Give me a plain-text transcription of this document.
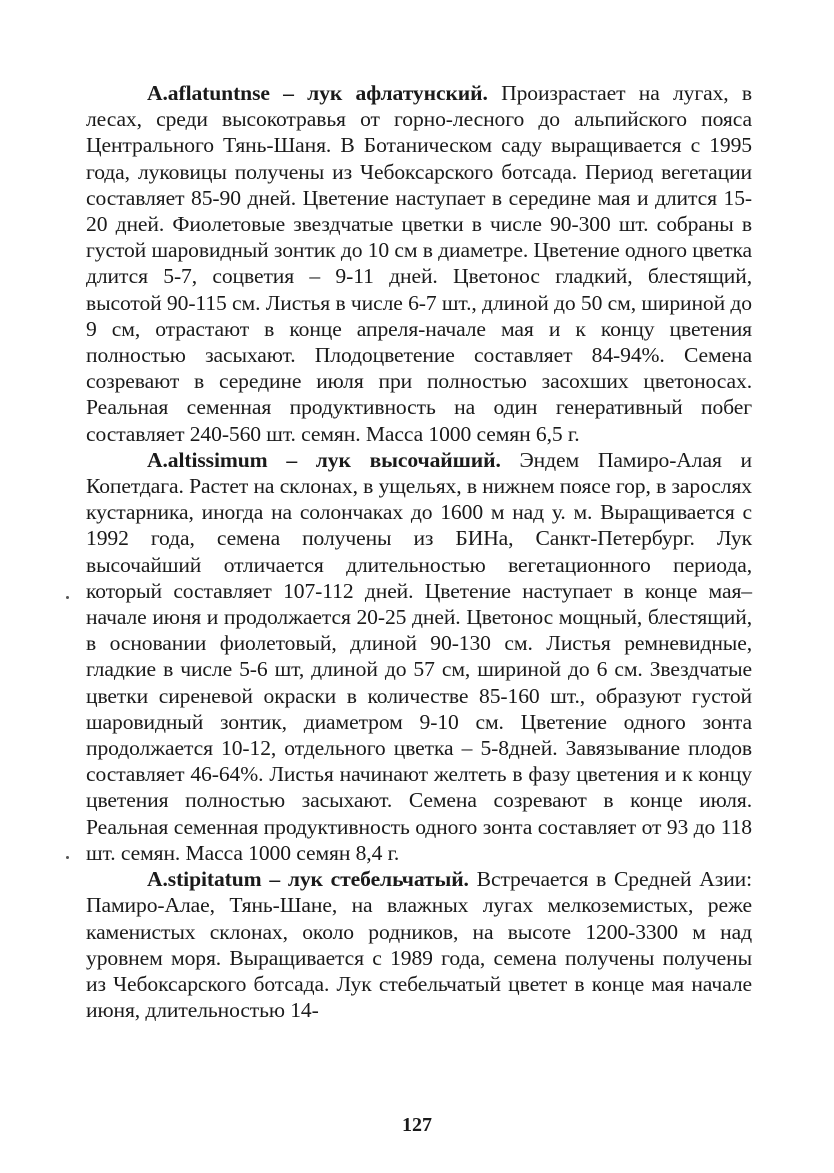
A.aflatuntnse – лук афлатунский. Произрастает на лугах, в лесах, среди высокотравья от горно-лесного до альпийского пояса Центрального Тянь-Шаня. В Ботаническом саду выращивается с 1995 года, луковицы получены из Чебоксарского ботсада. Период вегетации составляет 85-90 дней. Цветение наступает в середине мая и длится 15-20 дней. Фиолетовые звездчатые цветки в числе 90-300 шт. собраны в густой шаровидный зонтик до 10 см в диаметре. Цветение одного цветка длится 5-7, соцветия – 9-11 дней. Цветонос гладкий, блестящий, высотой 90-115 см. Листья в числе 6-7 шт., длиной до 50 см, шириной до 9 см, отрастают в конце апреля-начале мая и к концу цветения полностью засыхают. Плодоцветение составляет 84-94%. Семена созревают в середине июля при полностью засохших цветоносах. Реальная семенная продуктивность на один генеративный побег составляет 240-560 шт. семян. Масса 1000 семян 6,5 г.

A.altissimum – лук высочайший. Эндем Памиро-Алая и Копетдага. Растет на склонах, в ущельях, в нижнем поясе гор, в зарослях кустарника, иногда на солончаках до 1600 м над у. м. Выращивается с 1992 года, семена получены из БИНа, Санкт-Петербург. Лук высочайший отличается длительностью вегетационного периода, который составляет 107-112 дней. Цветение наступает в конце мая–начале июня и продолжается 20-25 дней. Цветонос мощный, блестящий, в основании фиолетовый, длиной 90-130 см. Листья ремневидные, гладкие в числе 5-6 шт, длиной до 57 см, шириной до 6 см. Звездчатые цветки сиреневой окраски в количестве 85-160 шт., образуют густой шаровидный зонтик, диаметром 9-10 см. Цветение одного зонта продолжается 10-12, отдельного цветка – 5-8дней. Завязывание плодов составляет 46-64%. Листья начинают желтеть в фазу цветения и к концу цветения полностью засыхают. Семена созревают в конце июля. Реальная семенная продуктивность одного зонта составляет от 93 до 118 шт. семян. Масса 1000 семян 8,4 г.

A.stipitatum – лук стебельчатый. Встречается в Средней Азии: Памиро-Алае, Тянь-Шане, на влажных лугах мелкоземистых, реже каменистых склонах, около родников, на высоте 1200-3300 м над уровнем моря. Выращивается с 1989 года, семена получены получены из Чебоксарского ботсада. Лук стебельчатый цветет в конце мая начале июня, длительностью 14-

127
